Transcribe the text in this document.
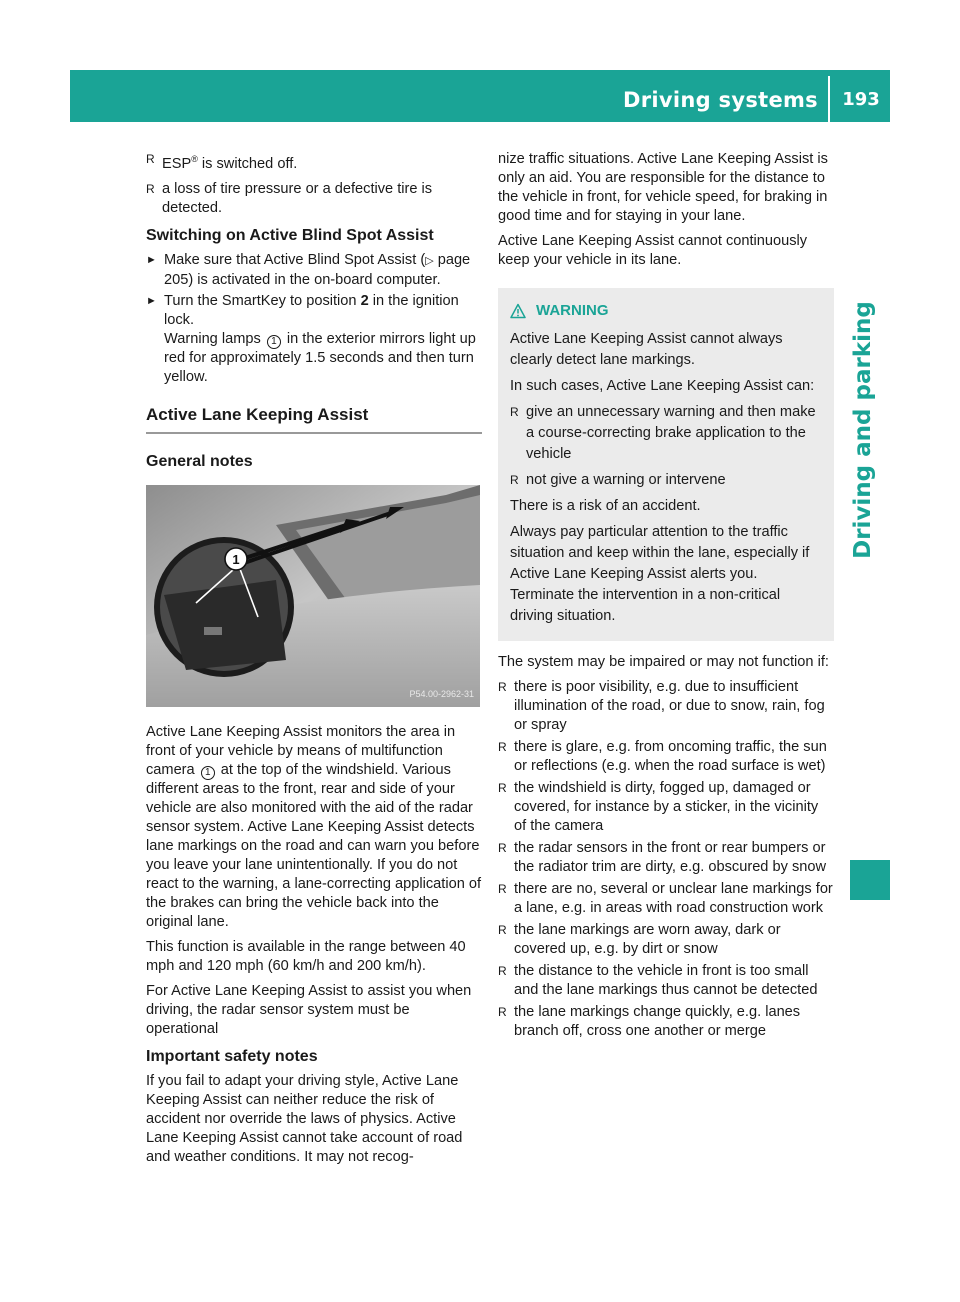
Driving systems	193
Driving and parking

R ESP® is switched off.

R a loss of tire pressure or a defective tire is detected.

Switching on Active Blind Spot Assist

► Make sure that Active Blind Spot Assist (▷ page 205) is activated in the on-board computer.

► Turn the SmartKey to position 2 in the ignition lock.
Warning lamps 1 in the exterior mirrors light up red for approximately 1.5 seconds and then turn yellow.

Active Lane Keeping Assist
General notes
1
P54.00-2962-31

Active Lane Keeping Assist monitors the area in front of your vehicle by means of multifunction camera 1 at the top of the windshield. Various different areas to the front, rear and side of your vehicle are also monitored with the aid of the radar sensor system. Active Lane Keeping Assist detects lane markings on the road and can warn you before you leave your lane unintentionally. If you do not react to the warning, a lane-correcting application of the brakes can bring the vehicle back into the original lane.

This function is available in the range between 40 mph and 120 mph (60 km/h and 200 km/h).

For Active Lane Keeping Assist to assist you when driving, the radar sensor system must be operational

Important safety notes

If you fail to adapt your driving style, Active Lane Keeping Assist can neither reduce the risk of accident nor override the laws of physics. Active Lane Keeping Assist cannot take account of road and weather conditions. It may not recog-

nize traffic situations. Active Lane Keeping Assist is only an aid. You are responsible for the distance to the vehicle in front, for vehicle speed, for braking in good time and for staying in your lane.

Active Lane Keeping Assist cannot continuously keep your vehicle in its lane.

WARNING

Active Lane Keeping Assist cannot always clearly detect lane markings.

In such cases, Active Lane Keeping Assist can:

R give an unnecessary warning and then make a course-correcting brake application to the vehicle

R not give a warning or intervene

There is a risk of an accident.

Always pay particular attention to the traffic situation and keep within the lane, especially if Active Lane Keeping Assist alerts you. Terminate the intervention in a non-critical driving situation.

The system may be impaired or may not function if:

R there is poor visibility, e.g. due to insufficient illumination of the road, or due to snow, rain, fog or spray

R there is glare, e.g. from oncoming traffic, the sun or reflections (e.g. when the road surface is wet)

R the windshield is dirty, fogged up, damaged or covered, for instance by a sticker, in the vicinity of the camera

R the radar sensors in the front or rear bumpers or the radiator trim are dirty, e.g. obscured by snow

R there are no, several or unclear lane markings for a lane, e.g. in areas with road construction work

R the lane markings are worn away, dark or covered up, e.g. by dirt or snow

R the distance to the vehicle in front is too small and the lane markings thus cannot be detected

R the lane markings change quickly, e.g. lanes branch off, cross one another or merge
